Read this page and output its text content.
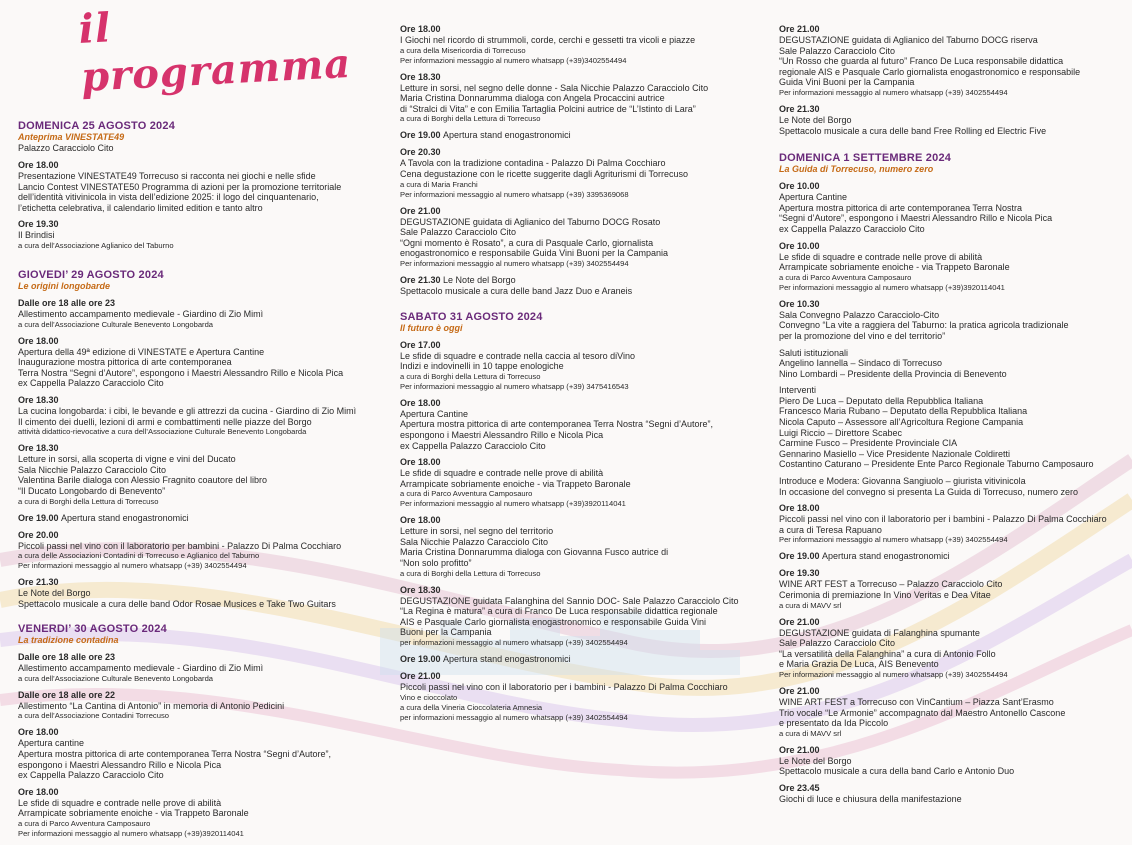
il programma
DOMENICA 25 AGOSTO 2024
Anteprima VINESTATE49
Palazzo Caracciolo Cito
Ore 18.00
Presentazione VINESTATE49 Torrecuso si racconta nei giochi e nelle sfide
Lancio Contest VINESTATE50 Programma di azioni per la promozione territoriale
dell’identità vitivinicola in vista dell’edizione 2025: il logo del cinquantenario,
l’etichetta celebrativa, il calendario limited edition e tanto altro
Ore 19.30
Il Brindisi
a cura dell’Associazione Aglianico del Taburno
GIOVEDI’ 29 AGOSTO 2024
Le origini longobarde
Dalle ore 18 alle ore 23
Allestimento accampamento medievale - Giardino di Zio Mimì
a cura dell’Associazione Culturale Benevento Longobarda
Ore 18.00
Apertura della 49ª edizione di VINESTATE e Apertura Cantine
Inaugurazione mostra pittorica di arte contemporanea
Terra Nostra “Segni d’Autore”, espongono i Maestri Alessandro Rillo e Nicola Pica
ex Cappella Palazzo Caracciolo Cito
Ore 18.30
La cucina longobarda: i cibi, le bevande e gli attrezzi da cucina - Giardino di Zio Mimì
Il cimento dei duelli, lezioni di armi e combattimenti nelle piazze del Borgo
attività didattico-rievocative a cura dell’Associazione Culturale Benevento Longobarda
Ore 18.30
Letture in sorsi, alla scoperta di vigne e vini del Ducato
Sala Nicchie Palazzo Caracciolo Cito
Valentina Barile dialoga con Alessio Fragnito coautore del libro
“Il Ducato Longobardo di Benevento”
a cura di Borghi della Lettura di Torrecuso
Ore 19.00 Apertura stand enogastronomici
Ore 20.00
Piccoli passi nel vino con il laboratorio per bambini - Palazzo Di Palma Cocchiaro
a cura delle Associazioni Contadini di Torrecuso e Aglianico del Taburno
Per informazioni messaggio al numero whatsapp (+39) 3402554494
Ore 21.30
Le Note del Borgo
Spettacolo musicale a cura delle band Odor Rosae Musices e Take Two Guitars
VENERDI’ 30 AGOSTO 2024
La tradizione contadina
Dalle ore 18 alle ore 23
Allestimento accampamento medievale - Giardino di Zio Mimì
a cura dell’Associazione Culturale Benevento Longobarda
Dalle ore 18 alle ore 22
Allestimento “La Cantina di Antonio” in memoria di Antonio Pedicini
a cura dell’Associazione Contadini Torrecuso
Ore 18.00
Apertura cantine
Apertura mostra pittorica di arte contemporanea Terra Nostra “Segni d’Autore”,
espongono i Maestri Alessandro Rillo e Nicola Pica
ex Cappella Palazzo Caracciolo Cito
Ore 18.00
Le sfide di squadre e contrade nelle prove di abilità
Arrampicate sobriamente enoiche - via Trappeto Baronale
a cura di Parco Avventura Camposauro
Per informazioni messaggio al numero whatsapp (+39)3920114041
Ore 18.00
I Giochi nel ricordo di strummoli, corde, cerchi e gessetti tra vicoli e piazze
a cura della Misericordia di Torrecuso
Per informazioni messaggio al numero whatsapp (+39)3402554494
Ore 18.30
Letture in sorsi, nel segno delle donne - Sala Nicchie Palazzo Caracciolo Cito
Maria Cristina Donnarumma dialoga con Angela Procaccini autrice
di “Stralci di Vita” e con Emilia Tartaglia Polcini autrice de “L’Istinto di Lara”
a cura di Borghi della Lettura di Torrecuso
Ore 19.00 Apertura stand enogastronomici
Ore 20.30
A Tavola con la tradizione contadina - Palazzo Di Palma Cocchiaro
Cena degustazione con le ricette suggerite dagli Agriturismi di Torrecuso
a cura di Maria Franchi
Per informazioni messaggio al numero whatsapp (+39) 3395369068
Ore 21.00
DEGUSTAZIONE guidata di Aglianico del Taburno DOCG Rosato
Sale Palazzo Caracciolo Cito
“Ogni momento è Rosato”, a cura di Pasquale Carlo, giornalista
enogastronomico e responsabile Guida Vini Buoni per la Campania
Per informazioni messaggio al numero whatsapp (+39) 3402554494
Ore 21.30 Le Note del Borgo
Spettacolo musicale a cura delle band Jazz Duo e Araneis
SABATO 31 AGOSTO 2024
Il futuro è oggi
Ore 17.00
Le sfide di squadre e contrade nella caccia al tesoro diVino
Indizi e indovinelli in 10 tappe enologiche
a cura di Borghi della Lettura di Torrecuso
Per informazioni messaggio al numero whatsapp (+39) 3475416543
Ore 18.00
Apertura Cantine
Apertura mostra pittorica di arte contemporanea Terra Nostra “Segni d’Autore”,
espongono i Maestri Alessandro Rillo e Nicola Pica
ex Cappella Palazzo Caracciolo Cito
Ore 18.00
Le sfide di squadre e contrade nelle prove di abilità
Arrampicate sobriamente enoiche - via Trappeto Baronale
a cura di Parco Avventura Camposauro
Per informazioni messaggio al numero whatsapp (+39)3920114041
Ore 18.00
Letture in sorsi, nel segno del territorio
Sala Nicchie Palazzo Caracciolo Cito
Maria Cristina Donnarumma dialoga con Giovanna Fusco autrice di
“Non solo profitto”
a cura di Borghi della Lettura di Torrecuso
Ore 18.30
DEGUSTAZIONE guidata Falanghina del Sannio DOC- Sale Palazzo Caracciolo Cito
“La Regina è matura” a cura di Franco De Luca responsabile didattica regionale
AIS e Pasquale Carlo giornalista enogastronomico e responsabile Guida Vini
Buoni per la Campania
per informazioni messaggio al numero whatsapp (+39) 3402554494
Ore 19.00 Apertura stand enogastronomici
Ore 21.00
Piccoli passi nel vino con il laboratorio per i bambini - Palazzo Di Palma Cocchiaro
Vino e cioccolato
a cura della Vineria Cioccolateria Amnesia
per informazioni messaggio al numero whatsapp (+39) 3402554494
Ore 21.00
DEGUSTAZIONE guidata di Aglianico del Taburno DOCG riserva
Sale Palazzo Caracciolo Cito
“Un Rosso che guarda al futuro” Franco De Luca responsabile didattica
regionale AIS e Pasquale Carlo giornalista enogastronomico e responsabile
Guida Vini Buoni per la Campania
Per informazioni messaggio al numero whatsapp (+39) 3402554494
Ore 21.30
Le Note del Borgo
Spettacolo musicale a cura delle band Free Rolling ed Electric Five
DOMENICA 1 SETTEMBRE 2024
La Guida di Torrecuso, numero zero
Ore 10.00
Apertura Cantine
Apertura mostra pittorica di arte contemporanea Terra Nostra
“Segni d’Autore”, espongono i Maestri Alessandro Rillo e Nicola Pica
ex Cappella Palazzo Caracciolo Cito
Ore 10.00
Le sfide di squadre e contrade nelle prove di abilità
Arrampicate sobriamente enoiche - via Trappeto Baronale
a cura di Parco Avventura Camposauro
Per informazioni messaggio al numero whatsapp (+39)3920114041
Ore 10.30
Sala Convegno Palazzo Caracciolo-Cito
Convegno “La vite a raggiera del Taburno: la pratica agricola tradizionale
per la promozione del vino e del territorio”
Saluti istituzionali
Angelino Iannella – Sindaco di Torrecuso
Nino Lombardi – Presidente della Provincia di Benevento
Interventi
Piero De Luca – Deputato della Repubblica Italiana
Francesco Maria Rubano – Deputato della Repubblica Italiana
Nicola Caputo – Assessore all’Agricoltura Regione Campania
Luigi Riccio – Direttore Scabec
Carmine Fusco – Presidente Provinciale CIA
Gennarino Masiello – Vice Presidente Nazionale Coldiretti
Costantino Caturano – Presidente Ente Parco Regionale Taburno Camposauro
Introduce e Modera: Giovanna Sangiuolo – giurista vitivinicola
In occasione del convegno si presenta La Guida di Torrecuso, numero zero
Ore 18.00
Piccoli passi nel vino con il laboratorio per i bambini - Palazzo Di Palma Cocchiaro
a cura di Teresa Rapuano
Per informazioni messaggio al numero whatsapp (+39) 3402554494
Ore 19.00 Apertura stand enogastronomici
Ore 19.30
WINE ART FEST a Torrecuso – Palazzo Caracciolo Cito
Cerimonia di premiazione In Vino Veritas e Dea Vitae
a cura di MAVV srl
Ore 21.00
DEGUSTAZIONE guidata di Falanghina spumante
Sale Palazzo Caracciolo Cito
“La versatilità della Falanghina” a cura di Antonio Follo
e Maria Grazia De Luca, AIS Benevento
Per informazioni messaggio al numero whatsapp (+39) 3402554494
Ore 21.00
WINE ART FEST a Torrecuso con VinCantium – Piazza Sant’Erasmo
Trio vocale “Le Armonie” accompagnato dal Maestro Antonello Cascone
e presentato da Ida Piccolo
a cura di MAVV srl
Ore 21.00
Le Note del Borgo
Spettacolo musicale a cura della band Carlo e Antonio Duo
Ore 23.45
Giochi di luce e chiusura della manifestazione
